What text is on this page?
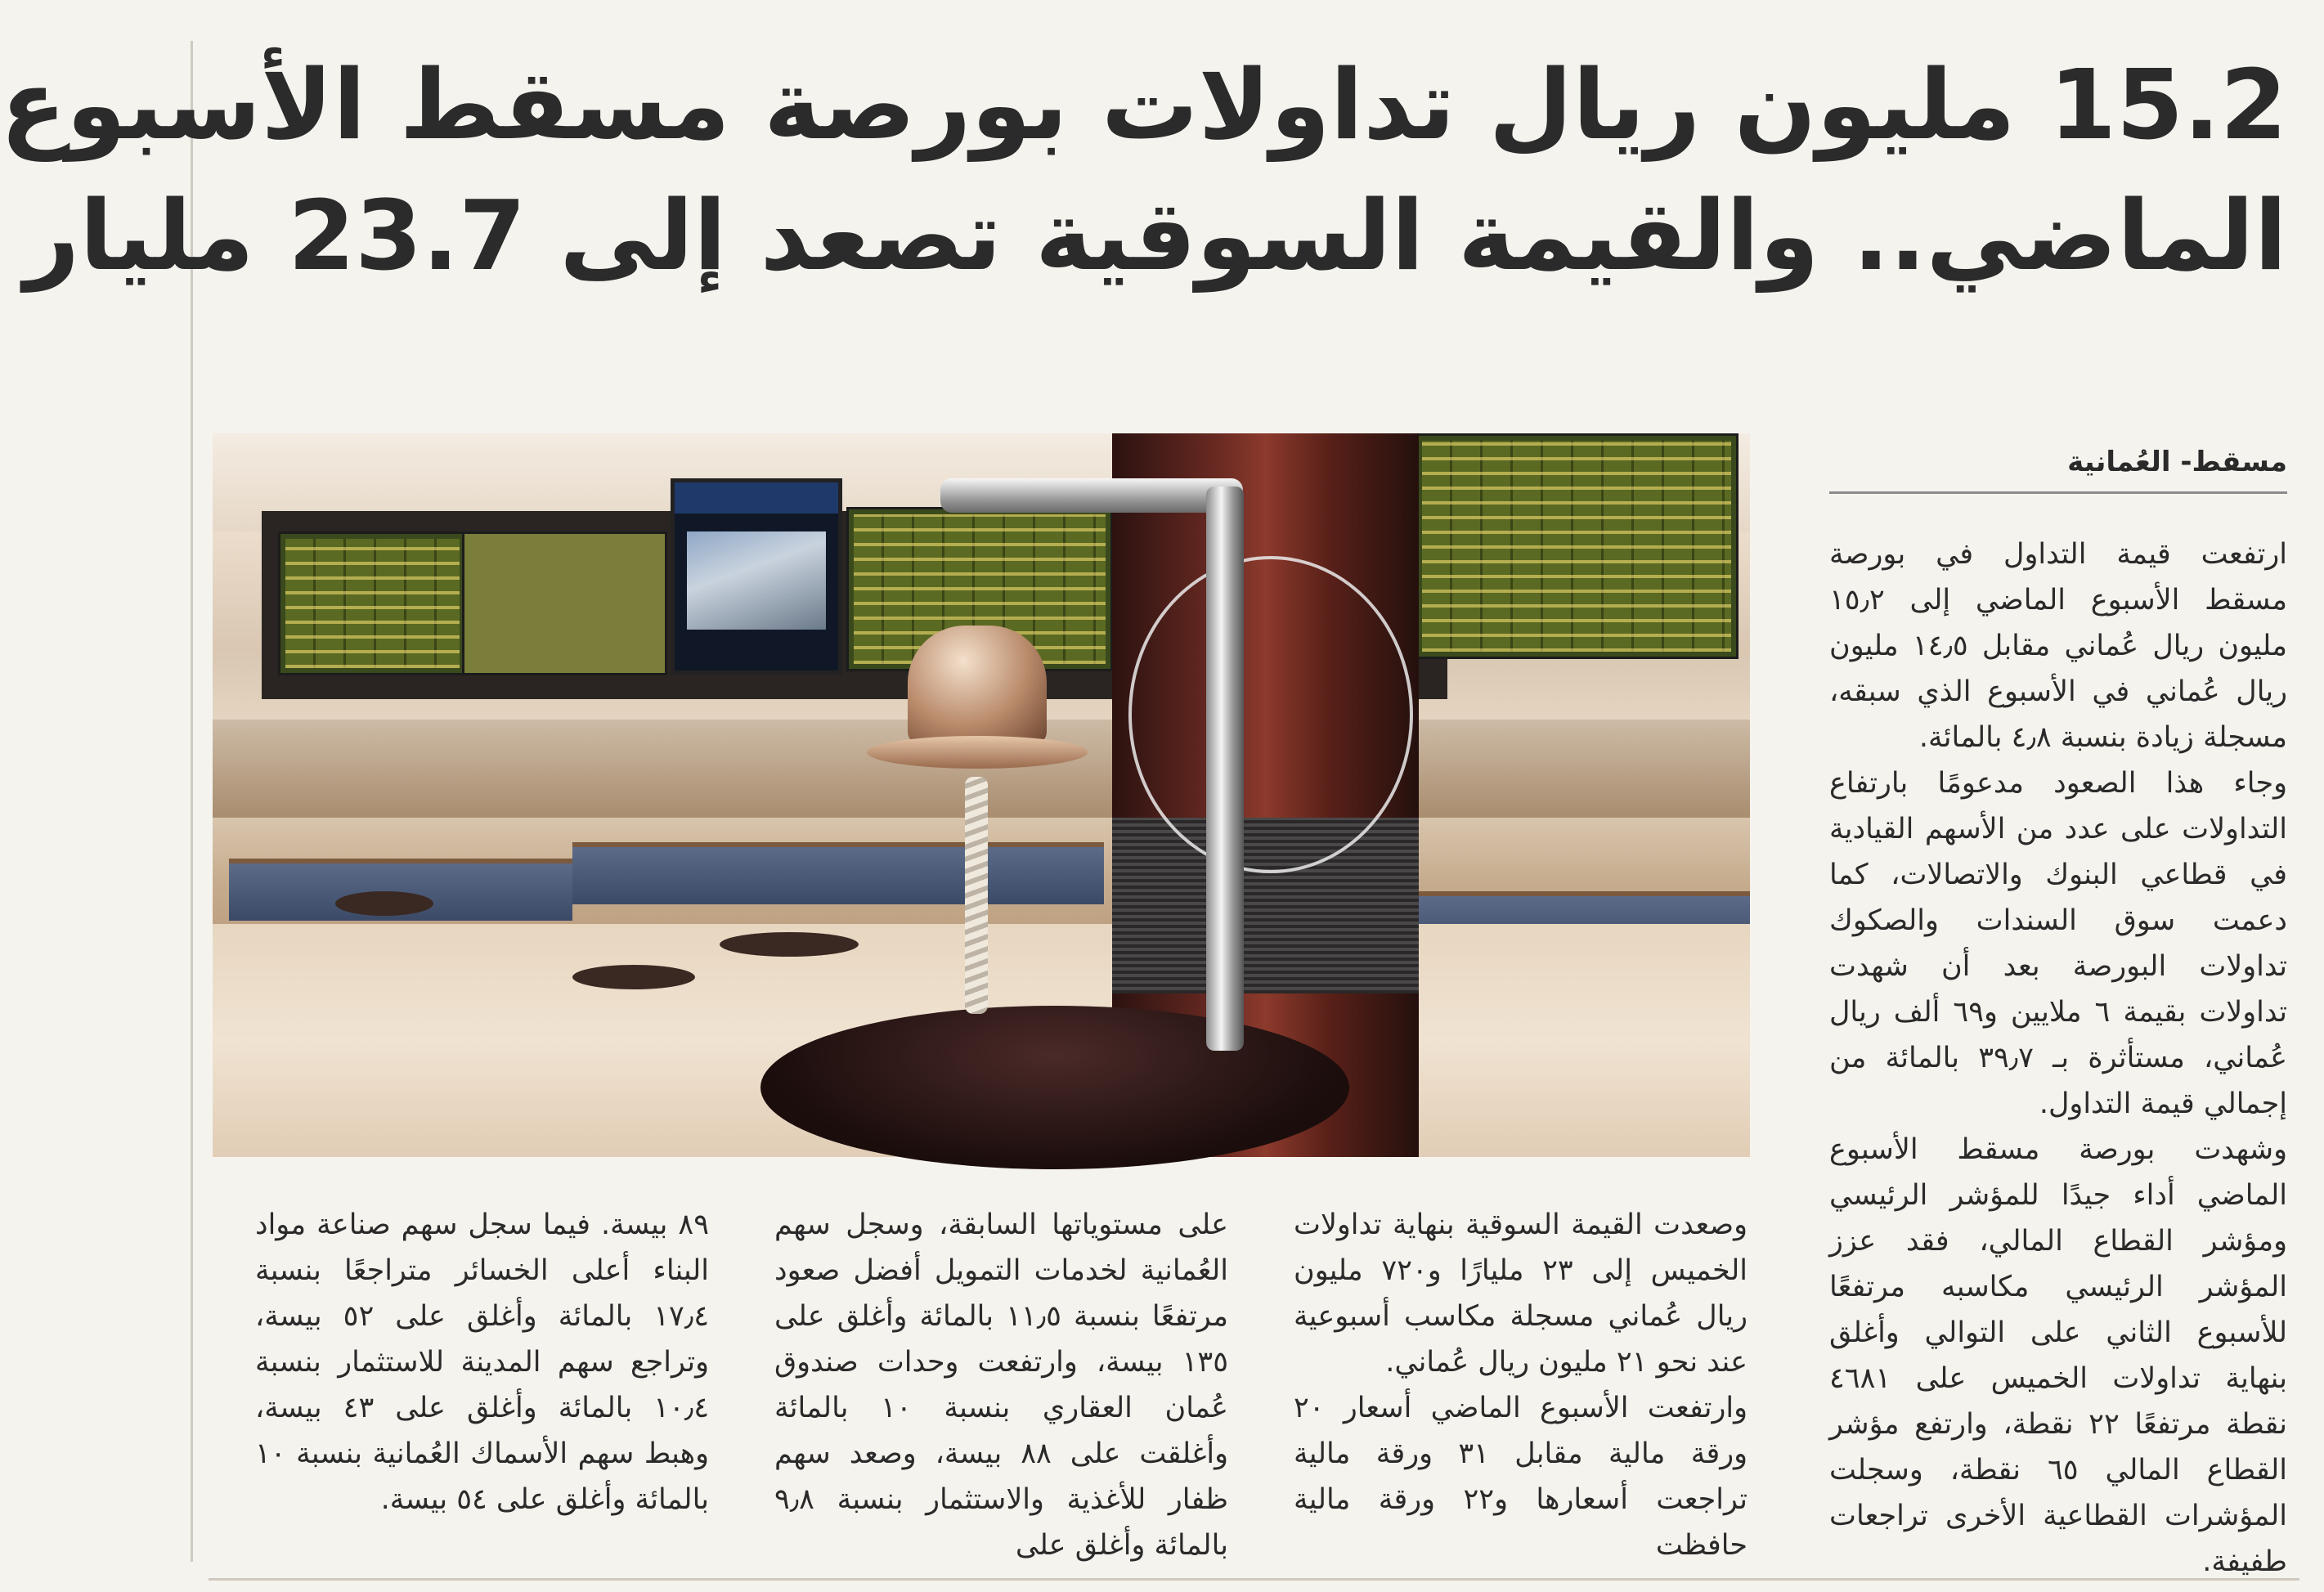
15.2 مليون ريال تداولات بورصة مسقط الأسبوع
الماضي.. والقيمة السوقية تصعد إلى 23.7 مليار
مسقط- العُمانية

ارتفعت قيمة التداول في بورصة مسقط الأسبوع الماضي إلى ١٥٫٢ مليون ريال عُماني مقابل ١٤٫٥ مليون ريال عُماني في الأسبوع الذي سبقه، مسجلة زيادة بنسبة ٤٫٨ بالمائة.

وجاء هذا الصعود مدعومًا بارتفاع التداولات على عدد من الأسهم القيادية في قطاعي البنوك والاتصالات، كما دعمت سوق السندات والصكوك تداولات البورصة بعد أن شهدت تداولات بقيمة ٦ ملايين و٦٩ ألف ريال عُماني، مستأثرة بـ ٣٩٫٧ بالمائة من إجمالي قيمة التداول.

وشهدت بورصة مسقط الأسبوع الماضي أداء جيدًا للمؤشر الرئيسي ومؤشر القطاع المالي، فقد عزز المؤشر الرئيسي مكاسبه مرتفعًا للأسبوع الثاني على التوالي وأغلق بنهاية تداولات الخميس على ٤٦٨١ نقطة مرتفعًا ٢٢ نقطة، وارتفع مؤشر القطاع المالي ٦٥ نقطة، وسجلت المؤشرات القطاعية الأخرى تراجعات طفيفة.

وصعدت القيمة السوقية بنهاية تداولات الخميس إلى ٢٣ مليارًا و٧٢٠ مليون ريال عُماني مسجلة مكاسب أسبوعية عند نحو ٢١ مليون ريال عُماني.

وارتفعت الأسبوع الماضي أسعار ٢٠ ورقة مالية مقابل ٣١ ورقة مالية تراجعت أسعارها و٢٢ ورقة مالية حافظت

على مستوياتها السابقة، وسجل سهم العُمانية لخدمات التمويل أفضل صعود مرتفعًا بنسبة ١١٫٥ بالمائة وأغلق على ١٣٥ بيسة، وارتفعت وحدات صندوق عُمان العقاري بنسبة ١٠ بالمائة وأغلقت على ٨٨ بيسة، وصعد سهم ظفار للأغذية والاستثمار بنسبة ٩٫٨ بالمائة وأغلق على

٨٩ بيسة. فيما سجل سهم صناعة مواد البناء أعلى الخسائر متراجعًا بنسبة ١٧٫٤ بالمائة وأغلق على ٥٢ بيسة، وتراجع سهم المدينة للاستثمار بنسبة ١٠٫٤ بالمائة وأغلق على ٤٣ بيسة، وهبط سهم الأسماك العُمانية بنسبة ١٠ بالمائة وأغلق على ٥٤ بيسة.
